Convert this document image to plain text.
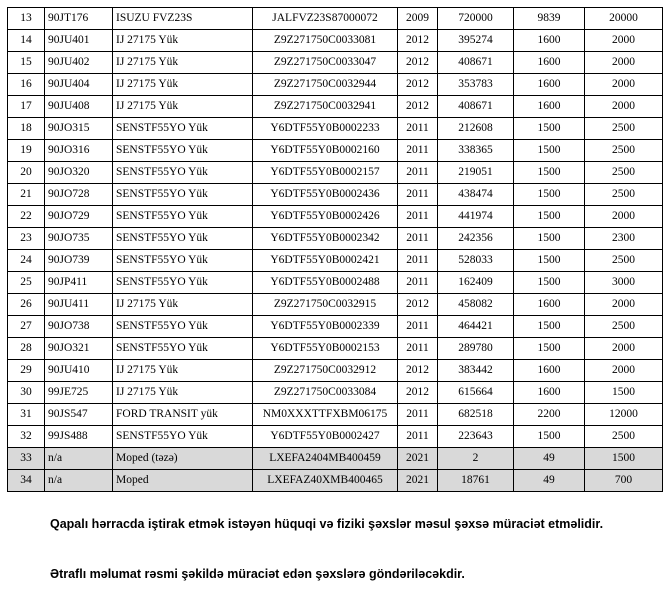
13	90JT176	ISUZU FVZ23S	JALFVZ23S87000072	2009	720000	9839	20000
14	90JU401	IJ 27175 Yük	Z9Z271750C0033081	2012	395274	1600	2000
15	90JU402	IJ 27175 Yük	Z9Z271750C0033047	2012	408671	1600	2000
16	90JU404	IJ 27175 Yük	Z9Z271750C0032944	2012	353783	1600	2000
17	90JU408	IJ 27175 Yük	Z9Z271750C0032941	2012	408671	1600	2000
18	90JO315	SENSTF55YO Yük	Y6DTF55Y0B0002233	2011	212608	1500	2500
19	90JO316	SENSTF55YO Yük	Y6DTF55Y0B0002160	2011	338365	1500	2500
20	90JO320	SENSTF55YO Yük	Y6DTF55Y0B0002157	2011	219051	1500	2500
21	90JO728	SENSTF55YO Yük	Y6DTF55Y0B0002436	2011	438474	1500	2500
22	90JO729	SENSTF55YO Yük	Y6DTF55Y0B0002426	2011	441974	1500	2000
23	90JO735	SENSTF55YO Yük	Y6DTF55Y0B0002342	2011	242356	1500	2300
24	90JO739	SENSTF55YO Yük	Y6DTF55Y0B0002421	2011	528033	1500	2500
25	90JP411	SENSTF55YO Yük	Y6DTF55Y0B0002488	2011	162409	1500	3000
26	90JU411	IJ 27175 Yük	Z9Z271750C0032915	2012	458082	1600	2000
27	90JO738	SENSTF55YO Yük	Y6DTF55Y0B0002339	2011	464421	1500	2500
28	90JO321	SENSTF55YO Yük	Y6DTF55Y0B0002153	2011	289780	1500	2000
29	90JU410	IJ 27175 Yük	Z9Z271750C0032912	2012	383442	1600	2000
30	99JE725	IJ 27175 Yük	Z9Z271750C0033084	2012	615664	1600	1500
31	90JS547	FORD TRANSIT yük	NM0XXXTTFXBM06175	2011	682518	2200	12000
32	99JS488	SENSTF55YO Yük	Y6DTF55Y0B0002427	2011	223643	1500	2500
33	n/a	Moped (təzə)	LXEFA2404MB400459	2021	2	49	1500
34	n/a	Moped	LXEFAZ40XMB400465	2021	18761	49	700
Qapalı hərracda iştirak etmək istəyən hüquqi və fiziki şəxslər məsul şəxsə müraciət etməlidir.
Ətraflı məlumat rəsmi şəkildə müraciət edən şəxslərə göndəriləcəkdir.
